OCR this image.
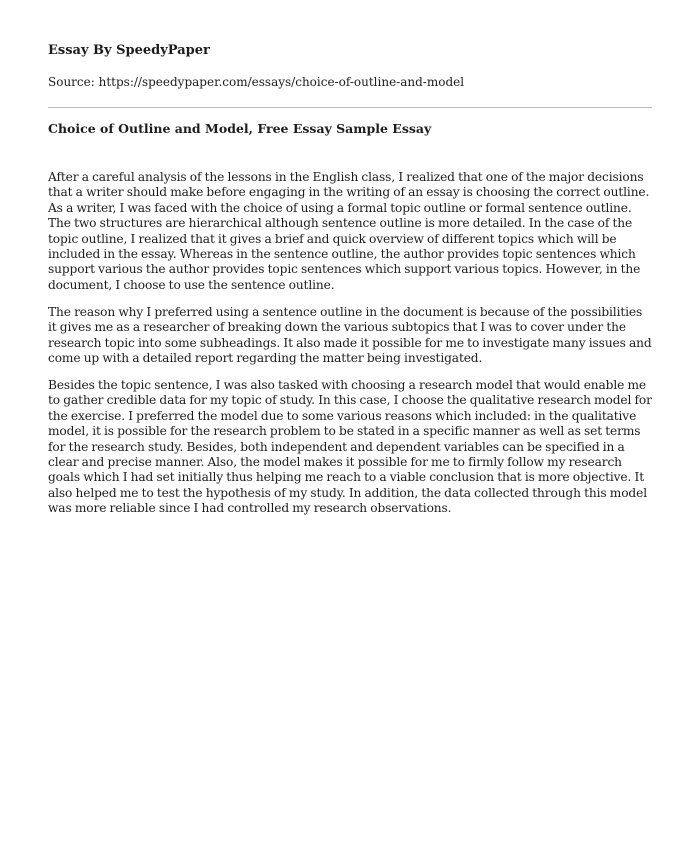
Essay By SpeedyPaper
Source: https://speedypaper.com/essays/choice-of-outline-and-model
Choice of Outline and Model, Free Essay Sample Essay

After a careful analysis of the lessons in the English class, I realized that one of the major decisions that a writer should make before engaging in the writing of an essay is choosing the correct outline. As a writer, I was faced with the choice of using a formal topic outline or formal sentence outline. The two structures are hierarchical although sentence outline is more detailed. In the case of the topic outline, I realized that it gives a brief and quick overview of different topics which will be included in the essay. Whereas in the sentence outline, the author provides topic sentences which support various the author provides topic sentences which support various topics. However, in the document, I choose to use the sentence outline.

The reason why I preferred using a sentence outline in the document is because of the possibilities it gives me as a researcher of breaking down the various subtopics that I was to cover under the research topic into some subheadings. It also made it possible for me to investigate many issues and come up with a detailed report regarding the matter being investigated.

Besides the topic sentence, I was also tasked with choosing a research model that would enable me to gather credible data for my topic of study. In this case, I choose the qualitative research model for the exercise. I preferred the model due to some various reasons which included: in the qualitative model, it is possible for the research problem to be stated in a specific manner as well as set terms for the research study. Besides, both independent and dependent variables can be specified in a clear and precise manner. Also, the model makes it possible for me to firmly follow my research goals which I had set initially thus helping me reach to a viable conclusion that is more objective. It also helped me to test the hypothesis of my study. In addition, the data collected through this model was more reliable since I had controlled my research observations.
